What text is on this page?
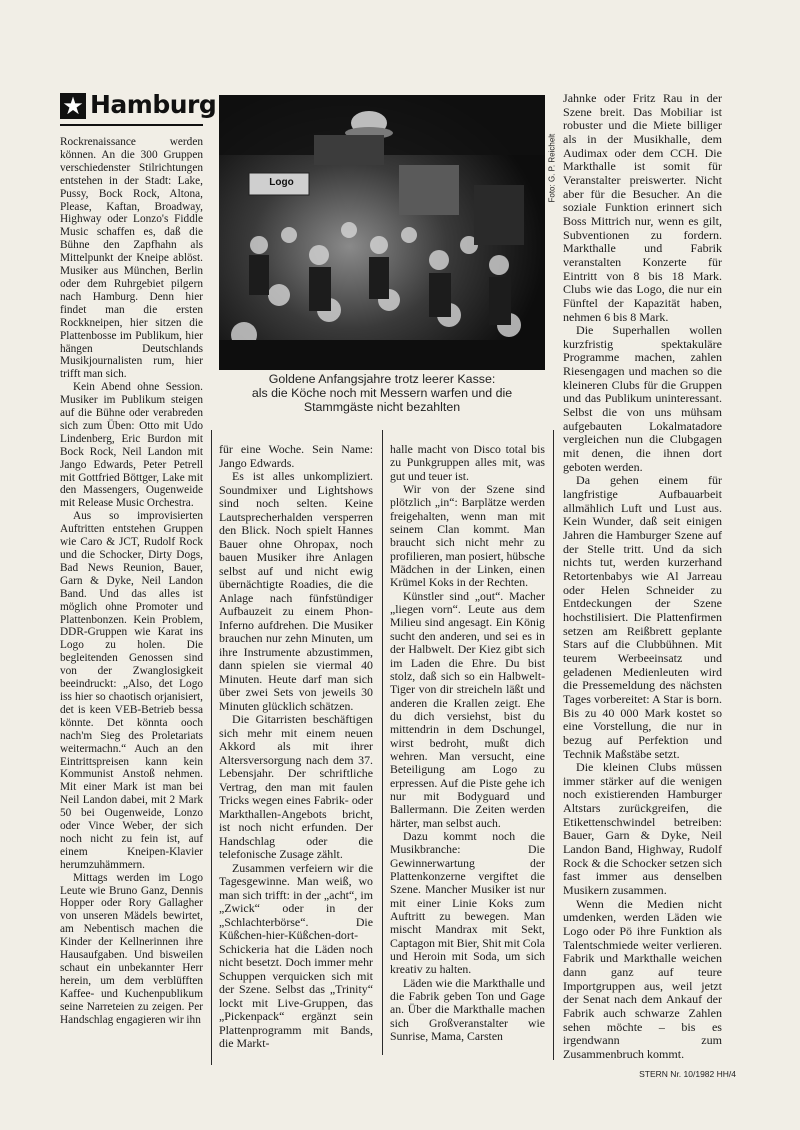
★ Hamburg
Logo	Foto: G. P. Reichelt
Goldene Anfangsjahre trotz leerer Kasse:
als die Köche noch mit Messern warfen und die
Stammgäste nicht bezahlten

Rockrenaissance werden können. An die 300 Gruppen verschiedenster Stilrichtungen entstehen in der Stadt: Lake, Pussy, Bock Rock, Altona, Please, Kaftan, Broadway, Highway oder Lonzo's Fiddle Music schaffen es, daß die Bühne den Zapfhahn als Mittelpunkt der Kneipe ablöst. Musiker aus München, Berlin oder dem Ruhrgebiet pilgern nach Hamburg. Denn hier findet man die ersten Rockkneipen, hier sitzen die Plattenbosse im Publikum, hier hängen Deutschlands Musikjournalisten rum, hier trifft man sich.

Kein Abend ohne Session. Musiker im Publikum steigen auf die Bühne oder verabreden sich zum Üben: Otto mit Udo Lindenberg, Eric Burdon mit Bock Rock, Neil Landon mit Jango Edwards, Peter Petrell mit Gottfried Böttger, Lake mit den Massengers, Ougenweide mit Release Music Orchestra.

Aus so improvisierten Auftritten entstehen Gruppen wie Caro & JCT, Rudolf Rock und die Schocker, Dirty Dogs, Bad News Reunion, Bauer, Garn & Dyke, Neil Landon Band. Und das alles ist möglich ohne Promoter und Plattenbonzen. Kein Problem, DDR-Gruppen wie Karat ins Logo zu holen. Die begleitenden Genossen sind von der Zwanglosigkeit beeindruckt: „Also, det Logo iss hier so chaotisch orjanisiert, det is keen VEB-Betrieb bessa könnte. Det könnta ooch nach'm Sieg des Proletariats weitermachn.“ Auch an den Eintrittspreisen kann kein Kommunist Anstoß nehmen. Mit einer Mark ist man bei Neil Landon dabei, mit 2 Mark 50 bei Ougenweide, Lonzo oder Vince Weber, der sich noch nicht zu fein ist, auf einem Kneipen-Klavier herumzuhämmern.

Mittags werden im Logo Leute wie Bruno Ganz, Dennis Hopper oder Rory Gallagher von unseren Mädels bewirtet, am Nebentisch machen die Kinder der Kellnerinnen ihre Hausaufgaben. Und bisweilen schaut ein unbekannter Herr herein, um dem verblüfften Kaffee- und Kuchenpublikum seine Narreteien zu zeigen. Per Handschlag engagieren wir ihn

für eine Woche. Sein Name: Jango Edwards.

Es ist alles unkompliziert. Soundmixer und Lightshows sind noch selten. Keine Lautsprecherhalden versperren den Blick. Noch spielt Hannes Bauer ohne Ohropax, noch bauen Musiker ihre Anlagen selbst auf und nicht ewig übernächtigte Roadies, die die Anlage nach fünfstündiger Aufbauzeit zu einem Phon-Inferno aufdrehen. Die Musiker brauchen nur zehn Minuten, um ihre Instrumente abzustimmen, dann spielen sie viermal 40 Minuten. Heute darf man sich über zwei Sets von jeweils 30 Minuten glücklich schätzen.

Die Gitarristen beschäftigen sich mehr mit einem neuen Akkord als mit ihrer Altersversorgung nach dem 37. Lebensjahr. Der schriftliche Vertrag, den man mit faulen Tricks wegen eines Fabrik- oder Markthallen-Angebots bricht, ist noch nicht erfunden. Der Handschlag oder die telefonische Zusage zählt.

Zusammen verfeiern wir die Tagesgewinne. Man weiß, wo man sich trifft: in der „acht“, im „Zwick“ oder in der „Schlachterbörse“. Die Küßchen-hier-Küßchen-dort-Schickeria hat die Läden noch nicht besetzt. Doch immer mehr Schuppen verquicken sich mit der Szene. Selbst das „Trinity“ lockt mit Live-Gruppen, das „Pickenpack“ ergänzt sein Plattenprogramm mit Bands, die Markt-

halle macht von Disco total bis zu Punkgruppen alles mit, was gut und teuer ist.

Wir von der Szene sind plötzlich „in“: Barplätze werden freigehalten, wenn man mit seinem Clan kommt. Man braucht sich nicht mehr zu profilieren, man posiert, hübsche Mädchen in der Linken, einen Krümel Koks in der Rechten.

Künstler sind „out“. Macher „liegen vorn“. Leute aus dem Milieu sind angesagt. Ein König sucht den anderen, und sei es in der Halbwelt. Der Kiez gibt sich im Laden die Ehre. Du bist stolz, daß sich so ein Halbwelt-Tiger von dir streicheln läßt und anderen die Krallen zeigt. Ehe du dich versiehst, bist du mittendrin in dem Dschungel, wirst bedroht, mußt dich wehren. Man versucht, eine Beteiligung am Logo zu erpressen. Auf die Piste gehe ich nur mit Bodyguard und Ballermann. Die Zeiten werden härter, man selbst auch.

Dazu kommt noch die Musikbranche: Die Gewinnerwartung der Plattenkonzerne vergiftet die Szene. Mancher Musiker ist nur mit einer Linie Koks zum Auftritt zu bewegen. Man mischt Mandrax mit Sekt, Captagon mit Bier, Shit mit Cola und Heroin mit Soda, um sich kreativ zu halten.

Läden wie die Markthalle und die Fabrik geben Ton und Gage an. Über die Markthalle machen sich Großveranstalter wie Sunrise, Mama, Carsten

Jahnke oder Fritz Rau in der Szene breit. Das Mobiliar ist robuster und die Miete billiger als in der Musikhalle, dem Audimax oder dem CCH. Die Markthalle ist somit für Veranstalter preiswerter. Nicht aber für die Besucher. An die soziale Funktion erinnert sich Boss Mittrich nur, wenn es gilt, Subventionen zu fordern. Markthalle und Fabrik veranstalten Konzerte für Eintritt von 8 bis 18 Mark. Clubs wie das Logo, die nur ein Fünftel der Kapazität haben, nehmen 6 bis 8 Mark.

Die Superhallen wollen kurzfristig spektakuläre Programme machen, zahlen Riesengagen und machen so die kleineren Clubs für die Gruppen und das Publikum uninteressant. Selbst die von uns mühsam aufgebauten Lokalmatadore vergleichen nun die Clubgagen mit denen, die ihnen dort geboten werden.

Da gehen einem für langfristige Aufbauarbeit allmählich Luft und Lust aus. Kein Wunder, daß seit einigen Jahren die Hamburger Szene auf der Stelle tritt. Und da sich nichts tut, werden kurzerhand Retortenbabys wie Al Jarreau oder Helen Schneider zu Entdeckungen der Szene hochstilisiert. Die Plattenfirmen setzen am Reißbrett geplante Stars auf die Clubbühnen. Mit teurem Werbeeinsatz und geladenen Medienleuten wird die Pressemeldung des nächsten Tages vorbereitet: A Star is born. Bis zu 40 000 Mark kostet so eine Vorstellung, die nur in bezug auf Perfektion und Technik Maßstäbe setzt.

Die kleinen Clubs müssen immer stärker auf die wenigen noch existierenden Hamburger Altstars zurückgreifen, die Etikettenschwindel betreiben: Bauer, Garn & Dyke, Neil Landon Band, Highway, Rudolf Rock & die Schocker setzen sich fast immer aus denselben Musikern zusammen.

Wenn die Medien nicht umdenken, werden Läden wie Logo oder Pö ihre Funktion als Talentschmiede weiter verlieren. Fabrik und Markthalle weichen dann ganz auf teure Importgruppen aus, weil jetzt der Senat nach dem Ankauf der Fabrik auch schwarze Zahlen sehen möchte – bis es irgendwann zum Zusammenbruch kommt.

STERN Nr. 10/1982 HH/4
